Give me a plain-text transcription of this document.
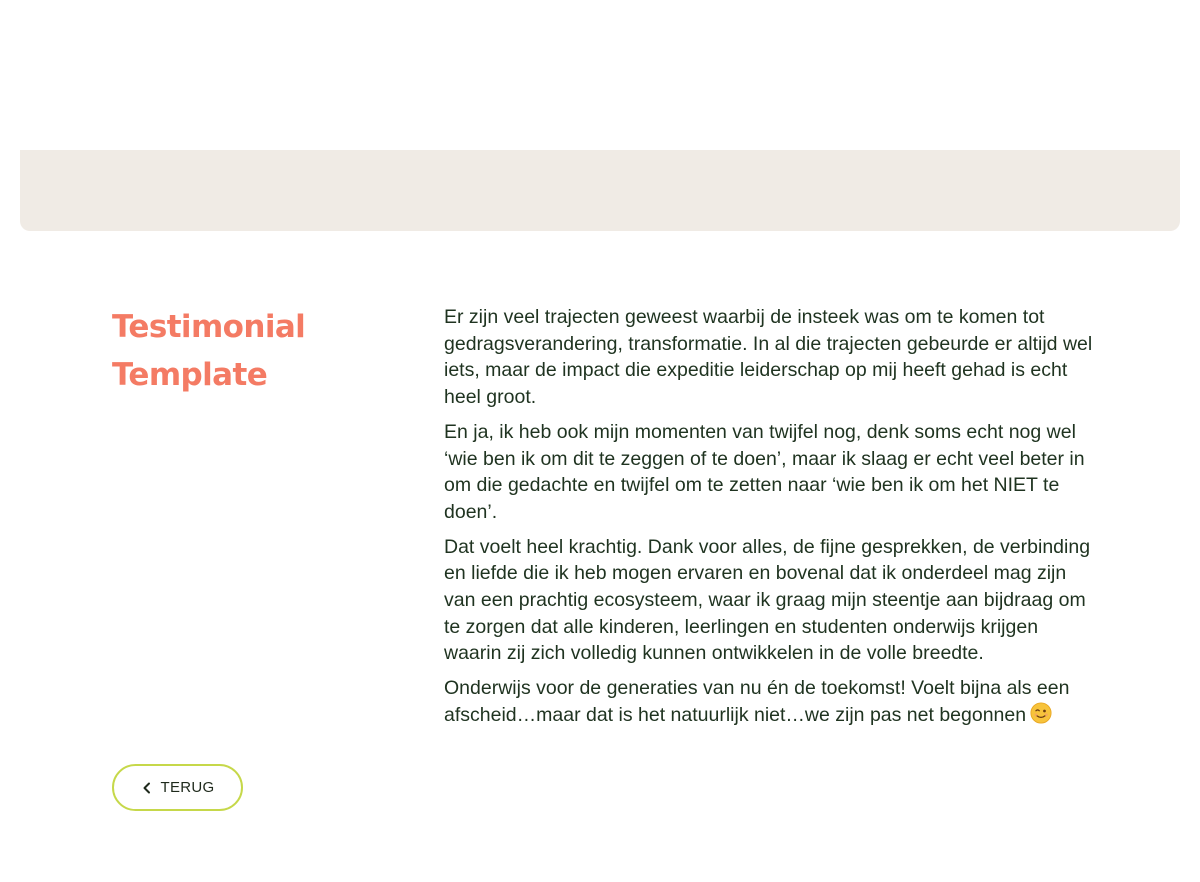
Testimonial
Template

Er zijn veel trajecten geweest waarbij de insteek was om te komen tot gedragsverandering, transformatie. In al die trajecten gebeurde er altijd wel iets, maar de impact die expeditie leiderschap op mij heeft gehad is echt heel groot.

En ja, ik heb ook mijn momenten van twijfel nog, denk soms echt nog wel ‘wie ben ik om dit te zeggen of te doen’, maar ik slaag er echt veel beter in om die gedachte en twijfel om te zetten naar ‘wie ben ik om het NIET te doen’.

Dat voelt heel krachtig. Dank voor alles, de fijne gesprekken, de verbinding en liefde die ik heb mogen ervaren en bovenal dat ik onderdeel mag zijn van een prachtig ecosysteem, waar ik graag mijn steentje aan bijdraag om te zorgen dat alle kinderen, leerlingen en studenten onderwijs krijgen waarin zij zich volledig kunnen ontwikkelen in de volle breedte.

Onderwijs voor de generaties van nu én de toekomst! Voelt bijna als een afscheid…maar dat is het natuurlijk niet…we zijn pas net begonnen

TERUG
